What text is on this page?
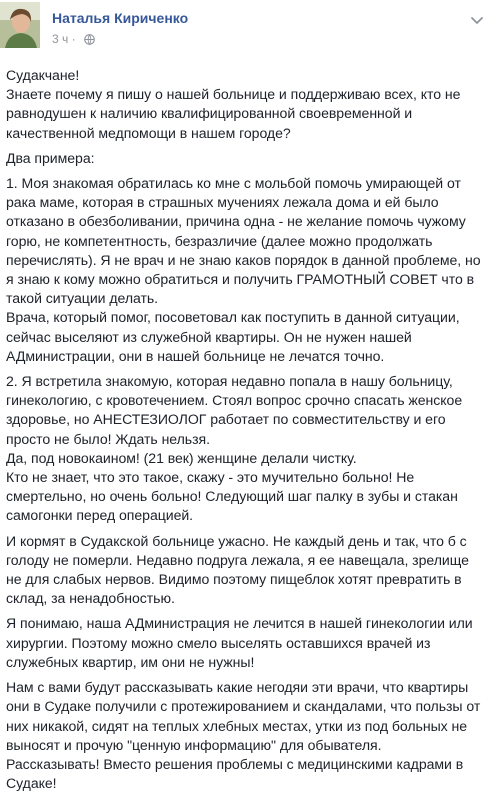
Наталья Кириченко
3 ч ·

Судакчане!
Знаете почему я пишу о нашей больнице и поддерживаю всех, кто не равнодушен к наличию квалифицированной своевременной и качественной медпомощи в нашем городе?

Два примера:

1. Моя знакомая обратилась ко мне с мольбой помочь умирающей от рака маме, которая в страшных мучениях лежала дома и ей было отказано в обезболивании, причина одна - не желание помочь чужому горю, не компетентность, безразличие (далее можно продолжать перечислять). Я не врач и не знаю каков порядок в данной проблеме, но я знаю к кому можно обратиться и получить ГРАМОТНЫЙ СОВЕТ что в такой ситуации делать.
Врача, который помог, посоветовал как поступить в данной ситуации, сейчас выселяют из служебной квартиры. Он не нужен нашей АДминистрации, они в нашей больнице не лечатся точно.

2. Я встретила знакомую, которая недавно попала в нашу больницу, гинекологию, с кровотечением. Стоял вопрос срочно спасать женское здоровье, но АНЕСТЕЗИОЛОГ работает по совместительству и его просто не было! Ждать нельзя.
Да, под новокаином! (21 век) женщине делали чистку.
Кто не знает, что это такое, скажу - это мучительно больно! Не смертельно, но очень больно! Следующий шаг палку в зубы и стакан самогонки перед операцией.

И кормят в Судакской больнице ужасно. Не каждый день и так, что б с голоду не померли. Недавно подруга лежала, я ее навещала, зрелище не для слабых нервов. Видимо поэтому пищеблок хотят превратить в склад, за ненадобностью.

Я понимаю, наша АДминистрация не лечится в нашей гинекологии или хирургии. Поэтому можно смело выселять оставшихся врачей из служебных квартир, им они не нужны!

Нам с вами будут рассказывать какие негодяи эти врачи, что квартиры они в Судаке получили с протежированием и скандалами, что пользы от них никакой, сидят на теплых хлебных местах, утки из под больных не выносят и прочую "ценную информацию" для обывателя.
Рассказывать! Вместо решения проблемы с медицинскими кадрами в Судаке!
